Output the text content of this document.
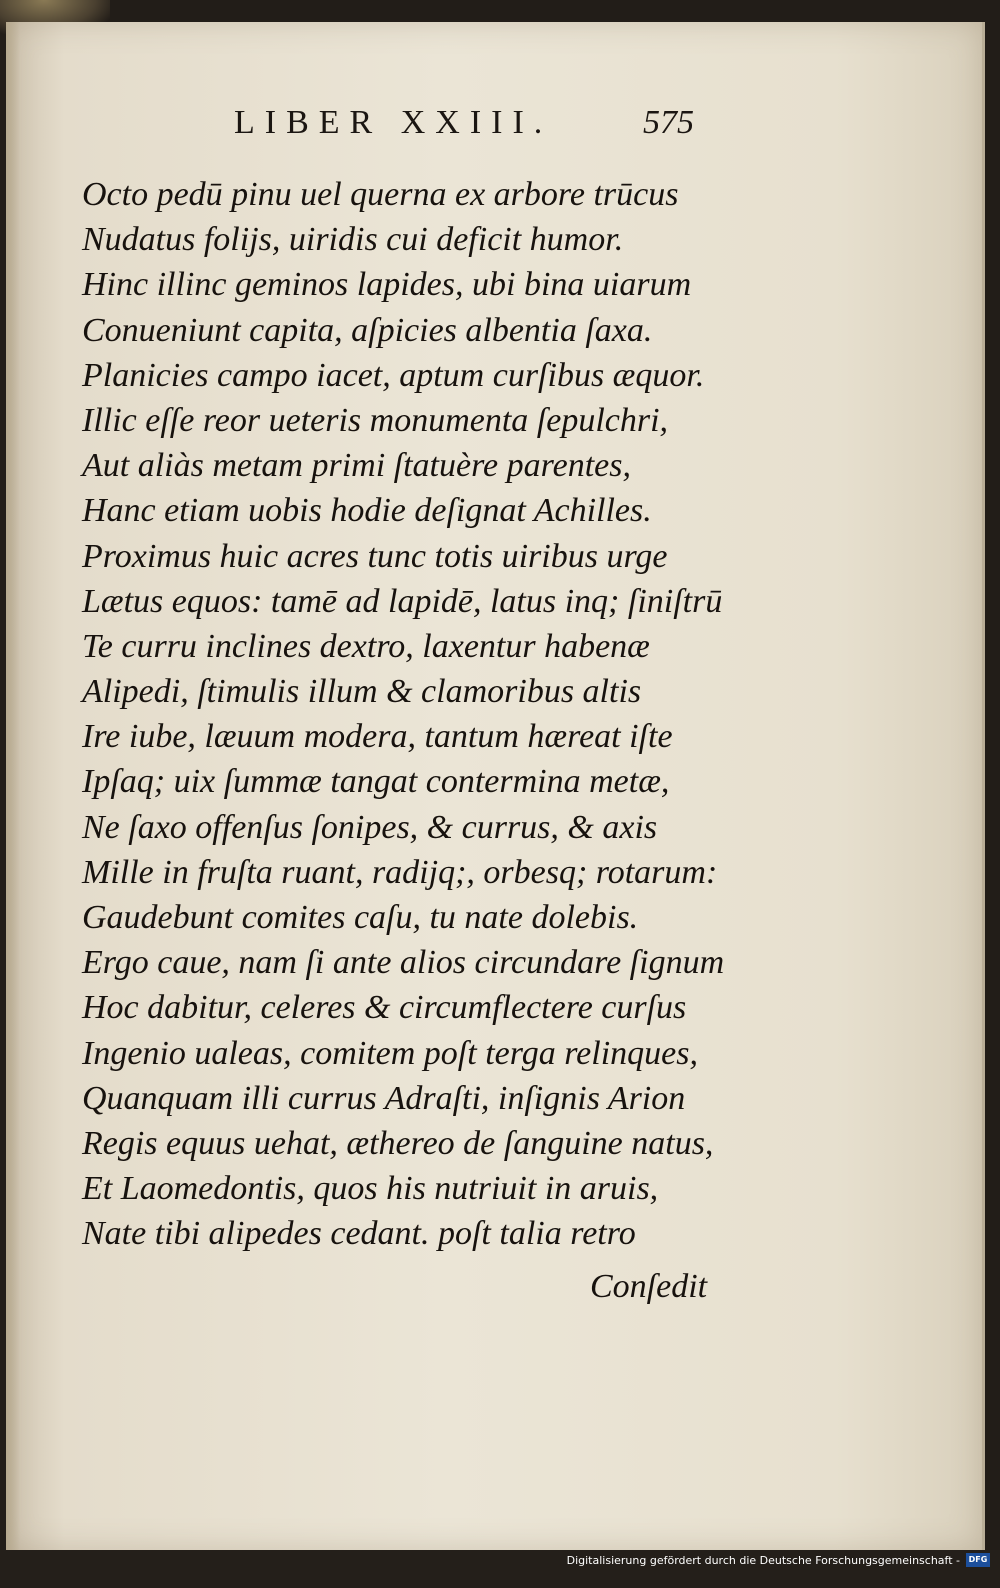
LIBER XXIII.	575
Octo pedū pinu uel querna ex arbore trūcus
Nudatus folijs, uiridis cui deficit humor.
Hinc illinc geminos lapides, ubi bina uiarum
Conueniunt capita, aſpicies albentia ſaxa.
Planicies campo iacet, aptum curſibus æquor.
Illic eſſe reor ueteris monumenta ſepulchri,
Aut aliàs metam primi ſtatuère parentes,
Hanc etiam uobis hodie deſignat Achilles.
Proximus huic acres tunc totis uiribus urge
Lætus equos: tamē ad lapidē, latus inq; ſiniſtrū
Te curru inclines dextro, laxentur habenæ
Alipedi, ſtimulis illum & clamoribus altis
Ire iube, læuum modera, tantum hæreat iſte
Ipſaq; uix ſummæ tangat contermina metæ,
Ne ſaxo offenſus ſonipes, & currus, & axis
Mille in fruſta ruant, radijq;, orbesq; rotarum:
Gaudebunt comites caſu, tu nate dolebis.
Ergo caue, nam ſi ante alios circundare ſignum
Hoc dabitur, celeres & circumflectere curſus
Ingenio ualeas, comitem poſt terga relinques,
Quanquam illi currus Adraſti, inſignis Arion
Regis equus uehat, æthereo de ſanguine natus,
Et Laomedontis, quos his nutriuit in aruis,
Nate tibi alipedes cedant. poſt talia retro
Conſedit
Digitalisierung gefördert durch die Deutsche Forschungsgemeinschaft -	DFG
